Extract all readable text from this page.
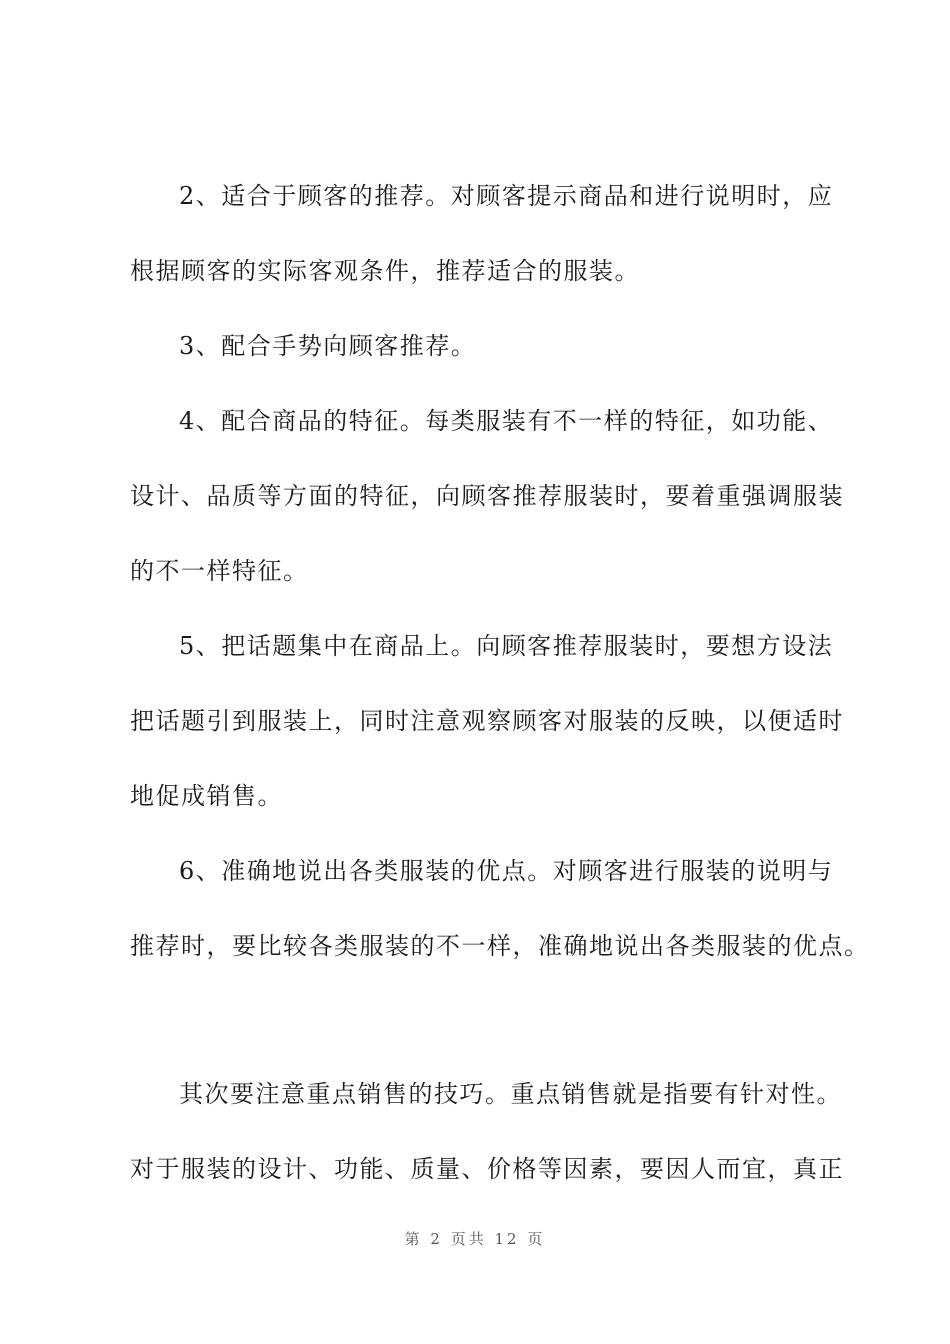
2、适合于顾客的推荐。对顾客提示商品和进行说明时，应
根据顾客的实际客观条件，推荐适合的服装。
3、配合手势向顾客推荐。
4、配合商品的特征。每类服装有不一样的特征，如功能、
设计、品质等方面的特征，向顾客推荐服装时，要着重强调服装
的不一样特征。
5、把话题集中在商品上。向顾客推荐服装时，要想方设法
把话题引到服装上，同时注意观察顾客对服装的反映，以便适时
地促成销售。
6、准确地说出各类服装的优点。对顾客进行服装的说明与
推荐时，要比较各类服装的不一样，准确地说出各类服装的优点。
其次要注意重点销售的技巧。重点销售就是指要有针对性。
对于服装的设计、功能、质量、价格等因素，要因人而宜，真正
第 2 页共 12 页
